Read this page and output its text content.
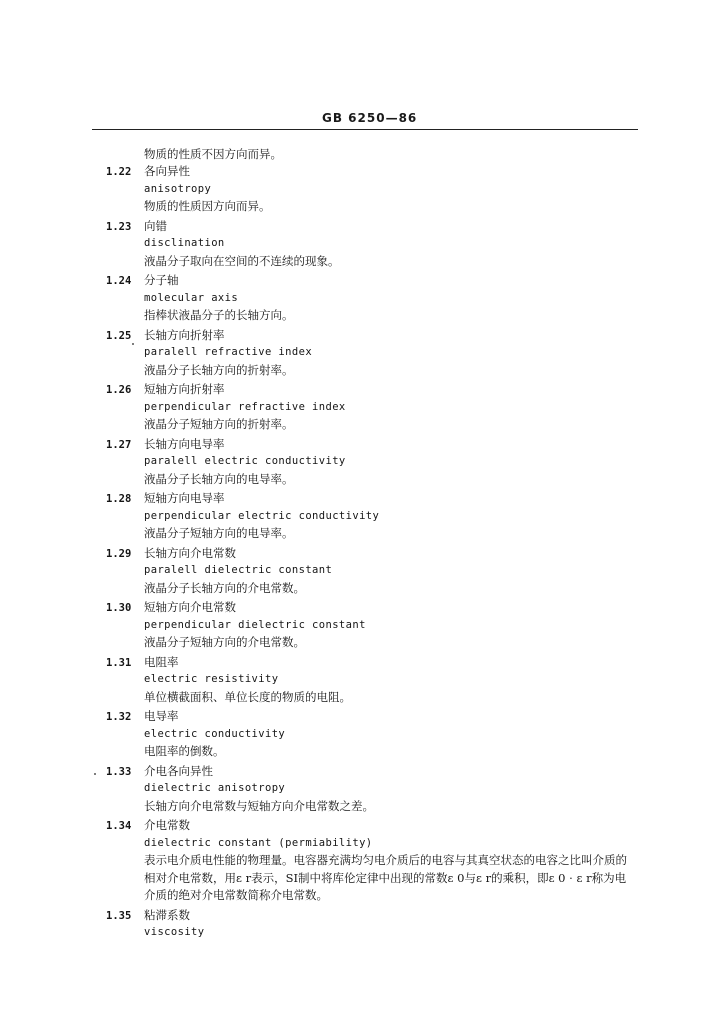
GB 6250—86
物质的性质不因方向而异。
1.22 各向异性
anisotropy
物质的性质因方向而异。
1.23 向错
disclination
液晶分子取向在空间的不连续的现象。
1.24 分子轴
molecular axis
指棒状液晶分子的长轴方向。
1.25 长轴方向折射率
paralell refractive index
液晶分子长轴方向的折射率。
1.26 短轴方向折射率
perpendicular refractive index
液晶分子短轴方向的折射率。
1.27 长轴方向电导率
paralell electric conductivity
液晶分子长轴方向的电导率。
1.28 短轴方向电导率
perpendicular electric conductivity
液晶分子短轴方向的电导率。
1.29 长轴方向介电常数
paralell dielectric constant
液晶分子长轴方向的介电常数。
1.30 短轴方向介电常数
perpendicular dielectric constant
液晶分子短轴方向的介电常数。
1.31 电阻率
electric resistivity
单位横截面积、单位长度的物质的电阻。
1.32 电导率
electric conductivity
电阻率的倒数。
1.33 介电各向异性
dielectric anisotropy
长轴方向介电常数与短轴方向介电常数之差。
1.34 介电常数
dielectric constant (permiability)
表示电介质电性能的物理量。电容器充满均匀电介质后的电容与其真空状态的电容之比叫介质的相对介电常数，用ε r表示，SI制中将库伦定律中出现的常数ε 0与ε r的乘积，即ε 0 · ε r称为电介质的绝对介电常数简称介电常数。
1.35 粘滞系数
viscosity
